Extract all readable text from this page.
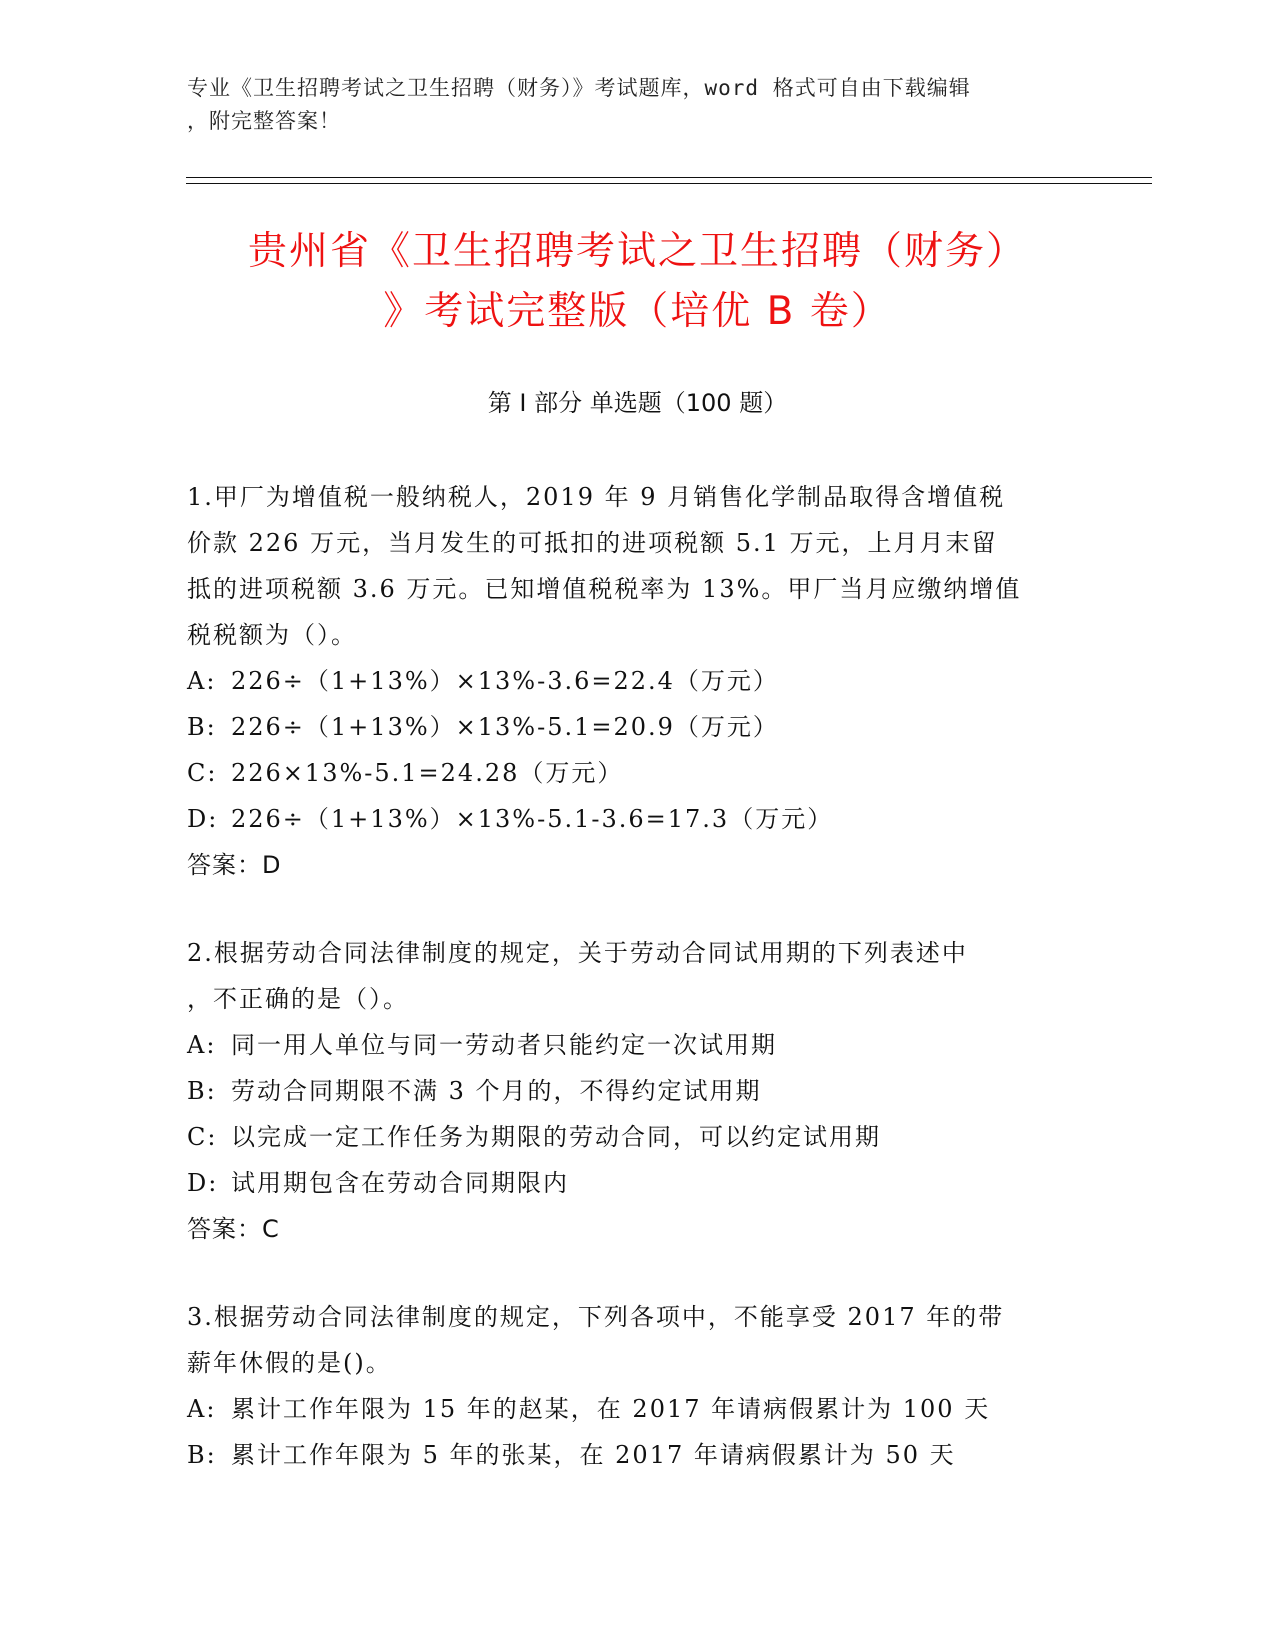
专业《卫生招聘考试之卫生招聘（财务）》考试题库，word 格式可自由下载编辑
，附完整答案！
贵州省《卫生招聘考试之卫生招聘（财务）
》考试完整版（培优 B 卷）
第 I 部分 单选题（100 题）
1.甲厂为增值税一般纳税人，2019 年 9 月销售化学制品取得含增值税
价款 226 万元，当月发生的可抵扣的进项税额 5.1 万元，上月月末留
抵的进项税额 3.6 万元。已知增值税税率为 13%。甲厂当月应缴纳增值
税税额为（）。
A: 226÷（1+13%）×13%-3.6=22.4（万元）
B: 226÷（1+13%）×13%-5.1=20.9（万元）
C: 226×13%-5.1=24.28（万元）
D: 226÷（1+13%）×13%-5.1-3.6=17.3（万元）
答案：D
2.根据劳动合同法律制度的规定，关于劳动合同试用期的下列表述中
，不正确的是（）。
A: 同一用人单位与同一劳动者只能约定一次试用期
B: 劳动合同期限不满 3 个月的，不得约定试用期
C: 以完成一定工作任务为期限的劳动合同，可以约定试用期
D: 试用期包含在劳动合同期限内
答案：C
3.根据劳动合同法律制度的规定，下列各项中，不能享受 2017 年的带
薪年休假的是()。
A: 累计工作年限为 15 年的赵某，在 2017 年请病假累计为 100 天
B: 累计工作年限为 5 年的张某，在 2017 年请病假累计为 50 天
